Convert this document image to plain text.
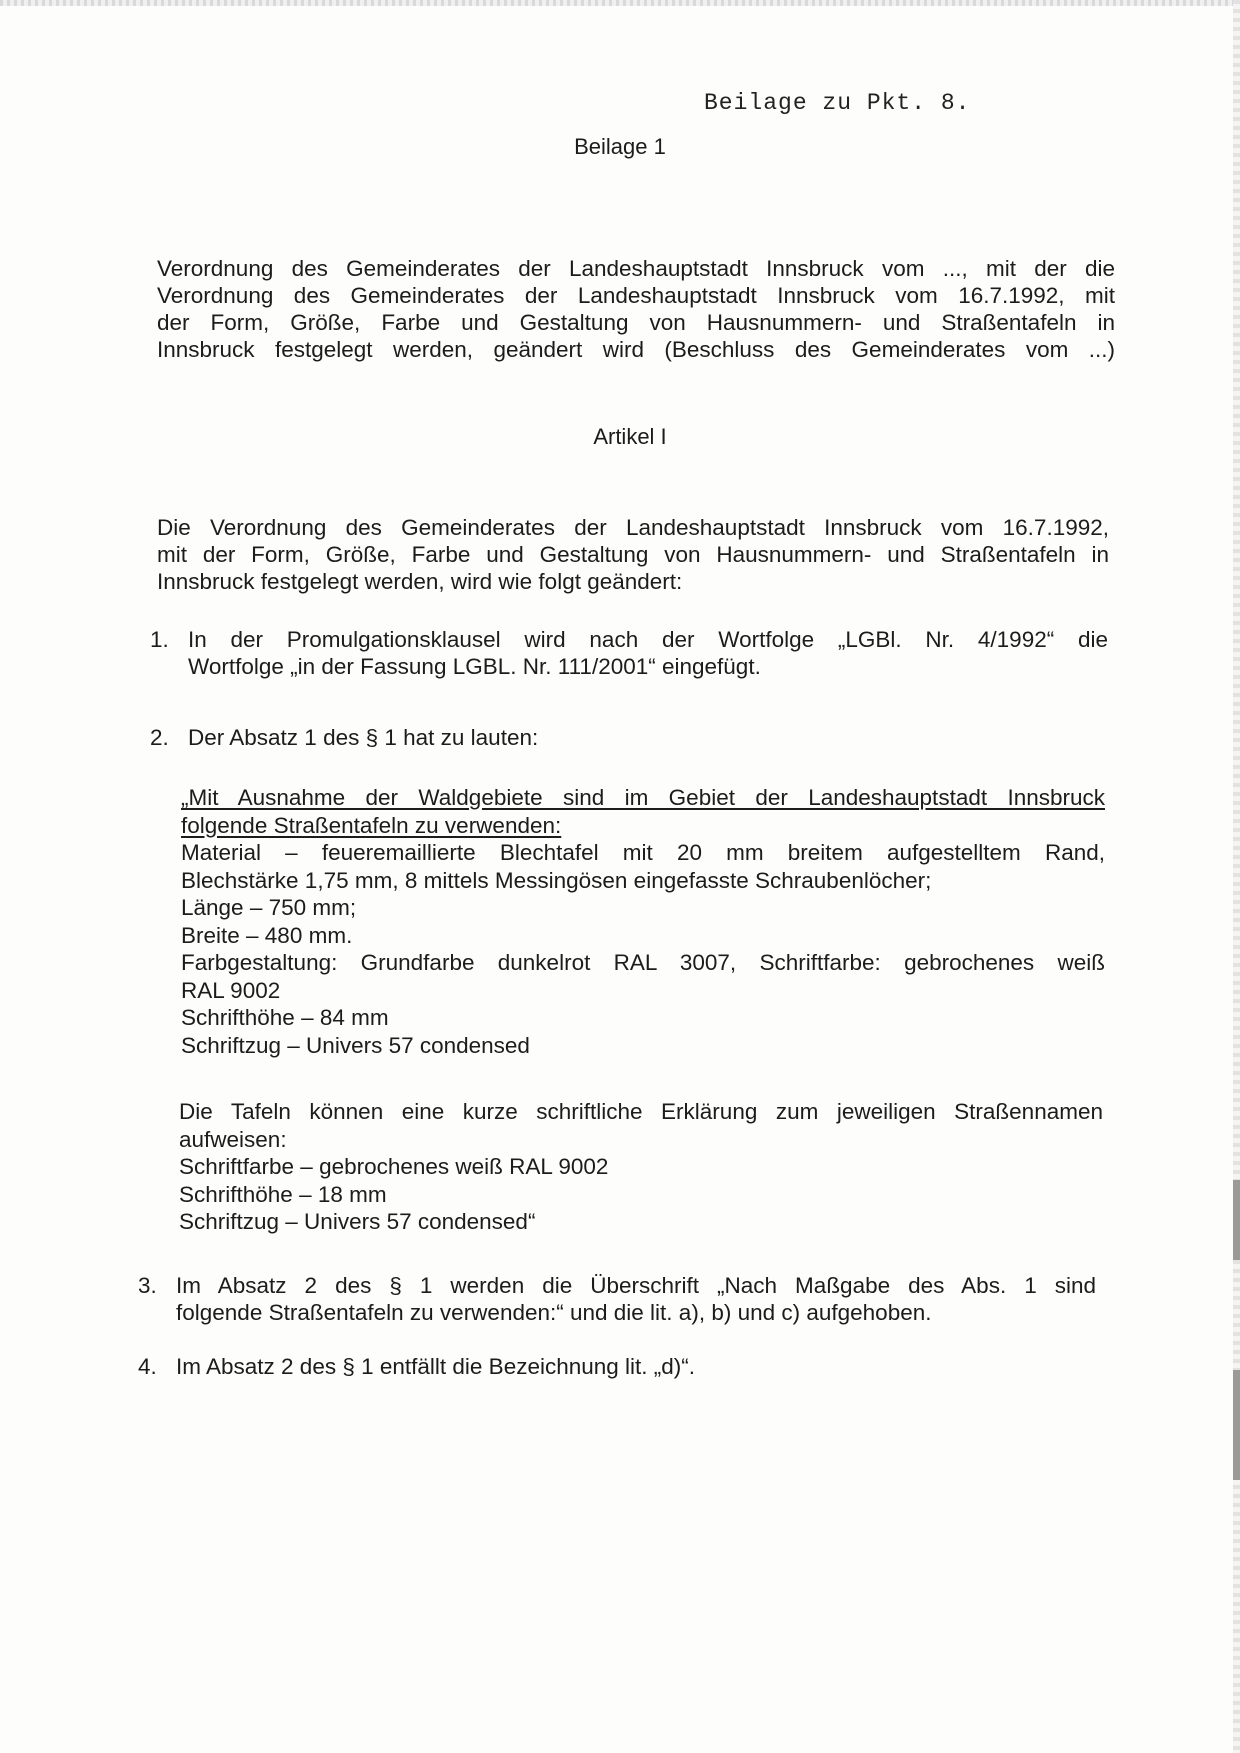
Beilage zu Pkt. 8.
Beilage 1
Verordnung des Gemeinderates der Landeshauptstadt Innsbruck vom ..., mit der die
Verordnung des Gemeinderates der Landeshauptstadt Innsbruck vom 16.7.1992, mit
der Form, Größe, Farbe und Gestaltung von Hausnummern- und Straßentafeln in
Innsbruck festgelegt werden, geändert wird (Beschluss des Gemeinderates vom ...)
Artikel I
Die Verordnung des Gemeinderates der Landeshauptstadt Innsbruck vom 16.7.1992,
mit der Form, Größe, Farbe und Gestaltung von Hausnummern- und Straßentafeln in
Innsbruck festgelegt werden, wird wie folgt geändert:
1. In der Promulgationsklausel wird nach der Wortfolge „LGBl. Nr. 4/1992“ die
Wortfolge „in der Fassung LGBL. Nr. 111/2001“ eingefügt.
2. Der Absatz 1 des § 1 hat zu lauten:
„Mit Ausnahme der Waldgebiete sind im Gebiet der Landeshauptstadt Innsbruck
folgende Straßentafeln zu verwenden:
Material – feueremaillierte Blechtafel mit 20 mm breitem aufgestelltem Rand,
Blechstärke 1,75 mm, 8 mittels Messingösen eingefasste Schraubenlöcher;
Länge – 750 mm;
Breite – 480 mm.
Farbgestaltung: Grundfarbe dunkelrot RAL 3007, Schriftfarbe: gebrochenes weiß
RAL 9002
Schrifthöhe – 84 mm
Schriftzug – Univers 57 condensed
Die Tafeln können eine kurze schriftliche Erklärung zum jeweiligen Straßennamen
aufweisen:
Schriftfarbe – gebrochenes weiß RAL 9002
Schrifthöhe – 18 mm
Schriftzug – Univers 57 condensed“
3. Im Absatz 2 des § 1 werden die Überschrift „Nach Maßgabe des Abs. 1 sind
folgende Straßentafeln zu verwenden:“ und die lit. a), b) und c) aufgehoben.
4. Im Absatz 2 des § 1 entfällt die Bezeichnung lit. „d)“.
